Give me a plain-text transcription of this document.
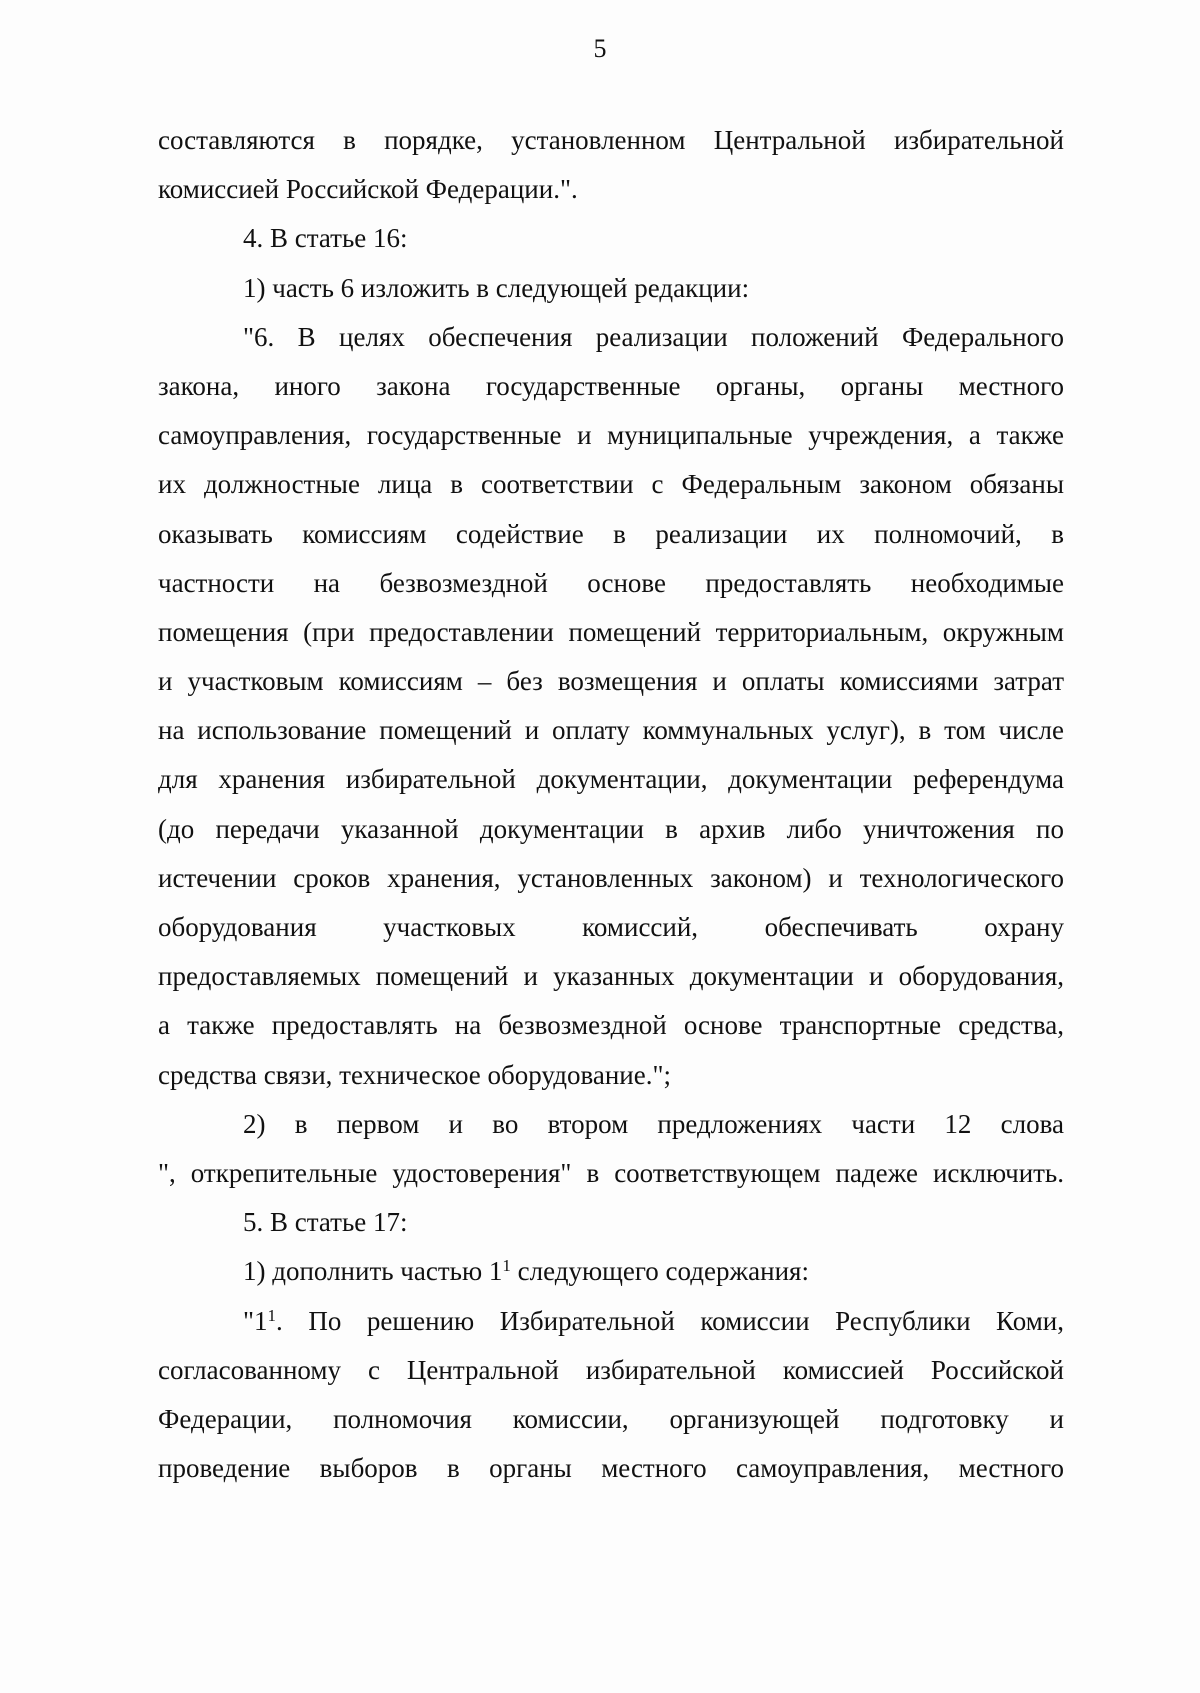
5
составляются в порядке, установленном Центральной избирательной
комиссией Российской Федерации.".
4. В статье 16:
1) часть 6 изложить в следующей редакции:
"6. В целях обеспечения реализации положений Федерального
закона, иного закона государственные органы, органы местного
самоуправления, государственные и муниципальные учреждения, а также
их должностные лица в соответствии с Федеральным законом обязаны
оказывать комиссиям содействие в реализации их полномочий, в
частности на безвозмездной основе предоставлять необходимые
помещения (при предоставлении помещений территориальным, окружным
и участковым комиссиям – без возмещения и оплаты комиссиями затрат
на использование помещений и оплату коммунальных услуг), в том числе
для хранения избирательной документации, документации референдума
(до передачи указанной документации в архив либо уничтожения по
истечении сроков хранения, установленных законом) и технологического
оборудования участковых комиссий, обеспечивать охрану
предоставляемых помещений и указанных документации и оборудования,
а также предоставлять на безвозмездной основе транспортные средства,
средства связи, техническое оборудование.";
2) в первом и во втором предложениях части 12 слова
", открепительные удостоверения" в соответствующем падеже исключить.
5. В статье 17:
1) дополнить частью $1^1$ следующего содержания:
"$1^1$. По решению Избирательной комиссии Республики Коми,
согласованному с Центральной избирательной комиссией Российской
Федерации, полномочия комиссии, организующей подготовку и
проведение выборов в органы местного самоуправления, местного
